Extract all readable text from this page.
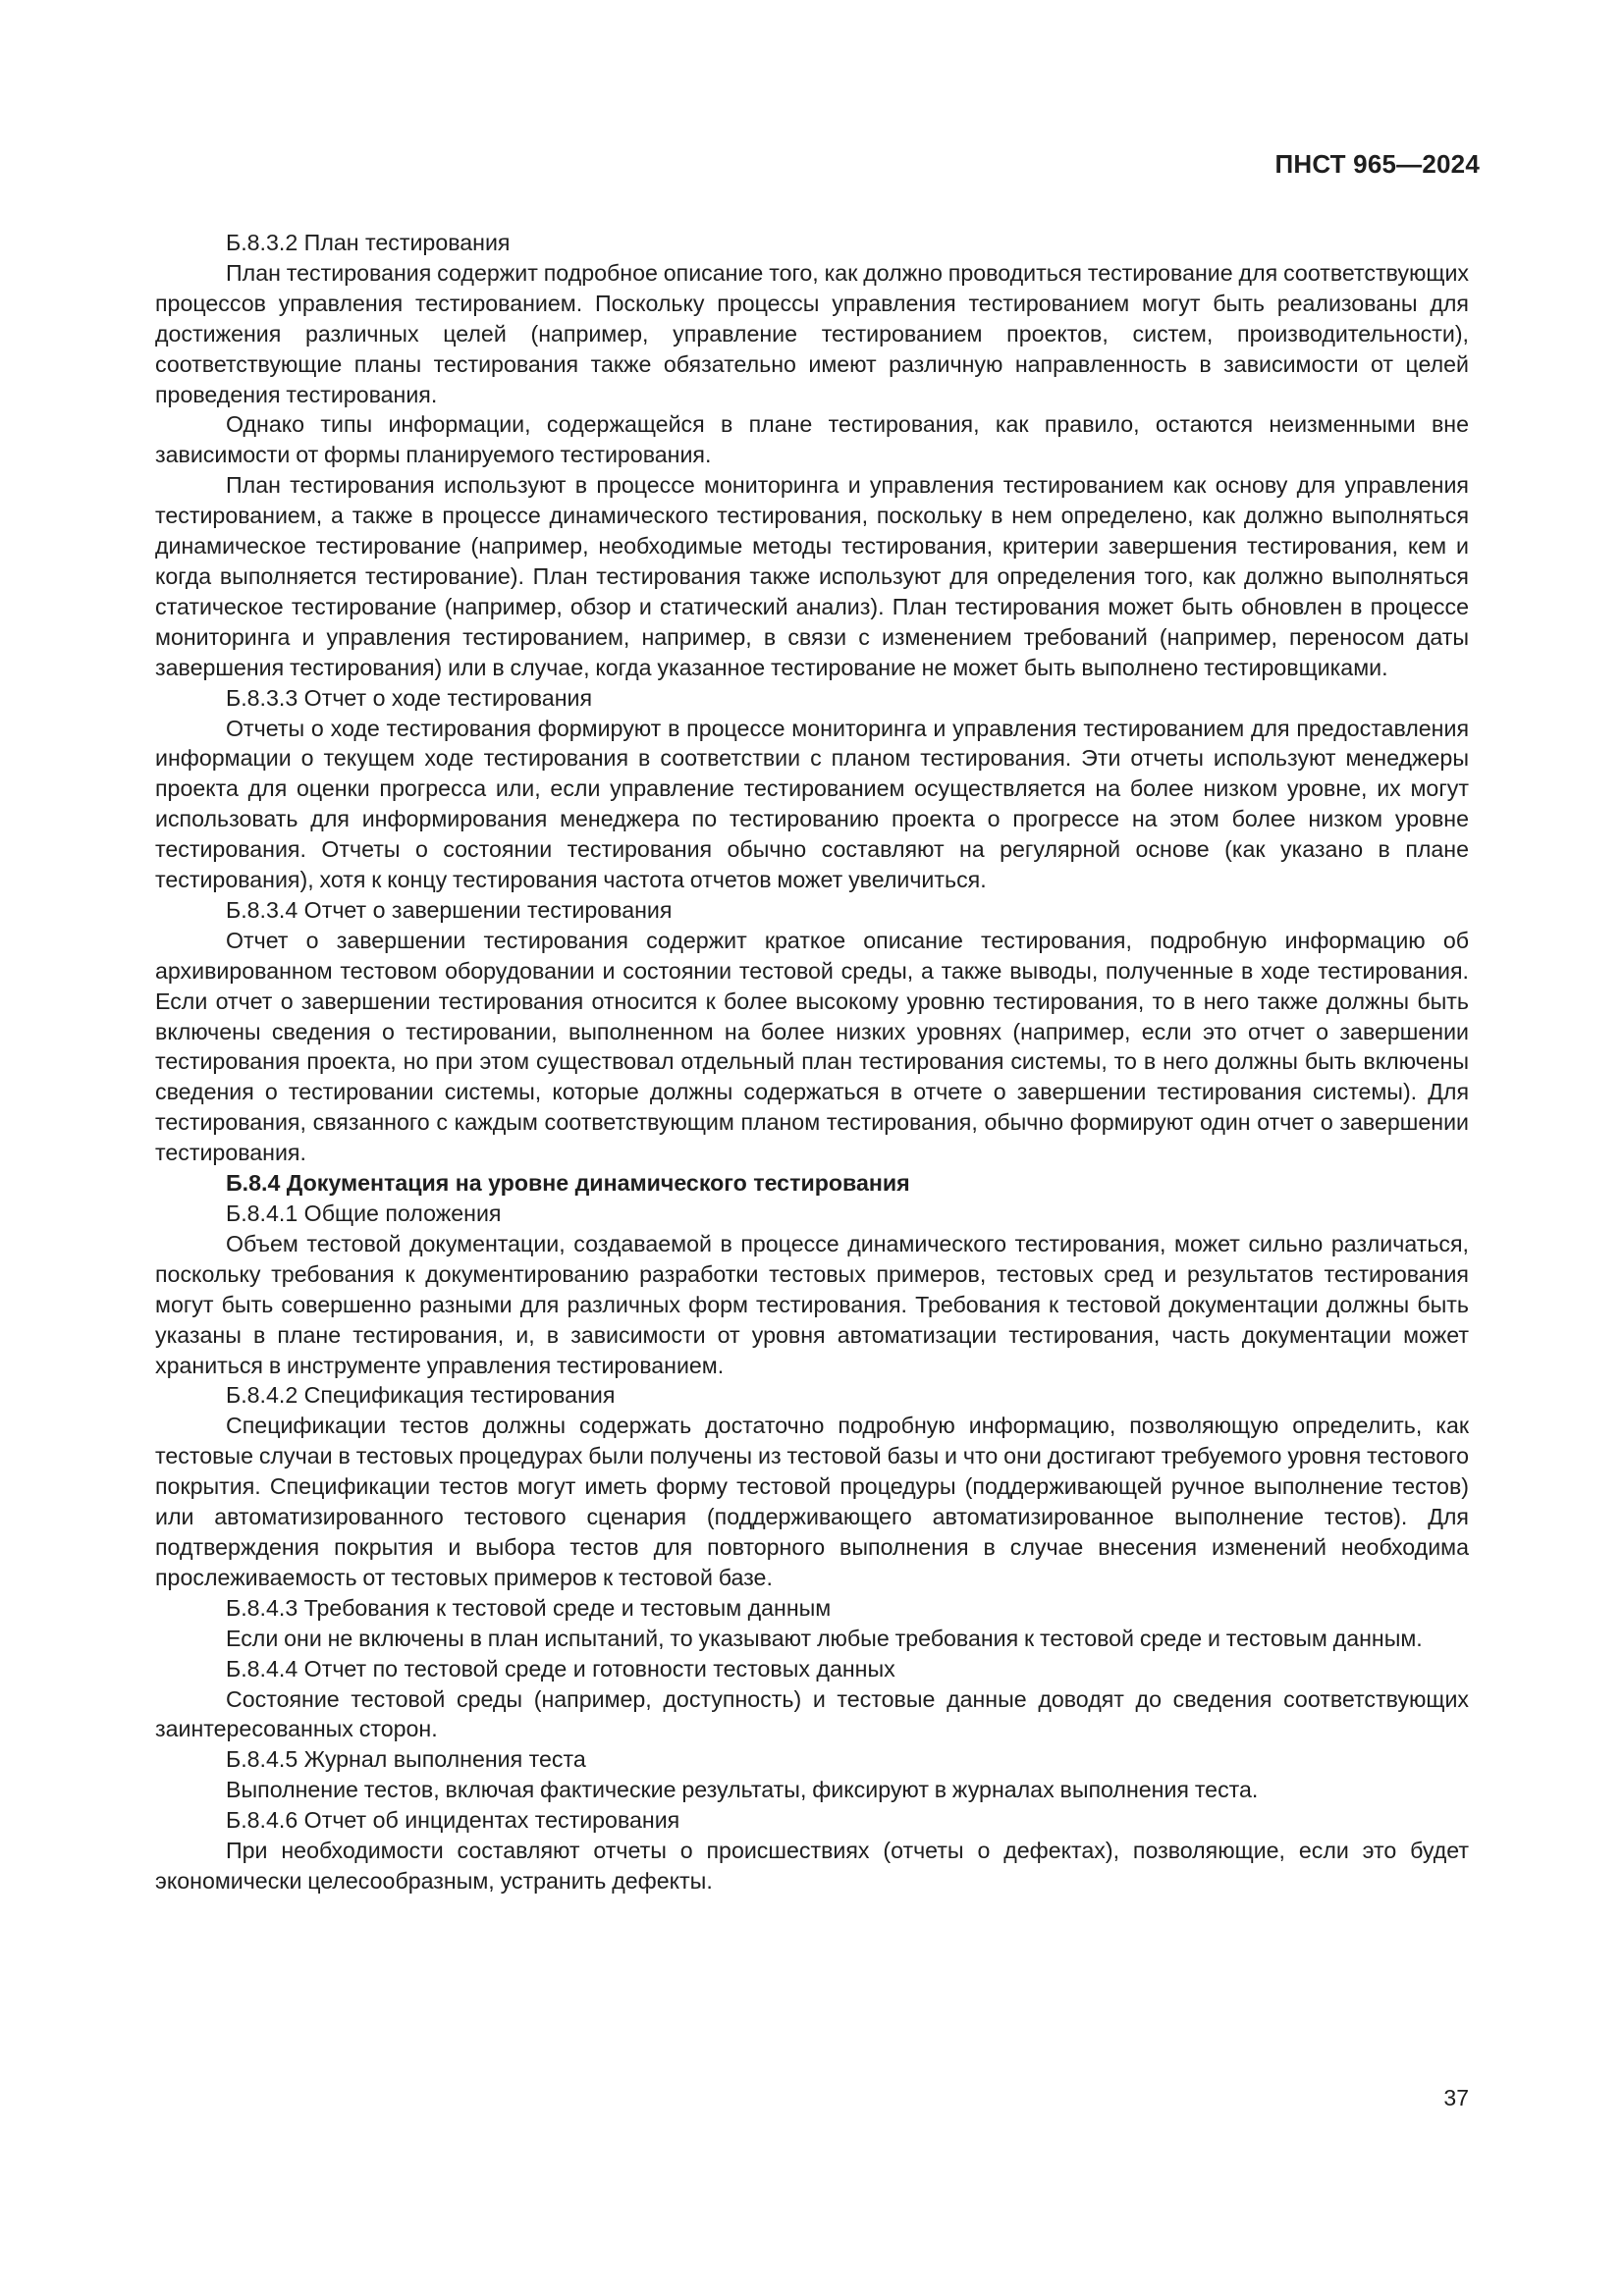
ПНСТ 965—2024

Б.8.3.2 План тестирования

План тестирования содержит подробное описание того, как должно проводиться тестирование для соответствующих процессов управления тестированием. Поскольку процессы управления тестированием могут быть реализованы для достижения различных целей (например, управление тестированием проектов, систем, производительности), соответствующие планы тестирования также обязательно имеют различную направленность в зависимости от целей проведения тестирования.

Однако типы информации, содержащейся в плане тестирования, как правило, остаются неизменными вне зависимости от формы планируемого тестирования.

План тестирования используют в процессе мониторинга и управления тестированием как основу для управления тестированием, а также в процессе динамического тестирования, поскольку в нем определено, как должно выполняться динамическое тестирование (например, необходимые методы тестирования, критерии завершения тестирования, кем и когда выполняется тестирование). План тестирования также используют для определения того, как должно выполняться статическое тестирование (например, обзор и статический анализ). План тестирования может быть обновлен в процессе мониторинга и управления тестированием, например, в связи с изменением требований (например, переносом даты завершения тестирования) или в случае, когда указанное тестирование не может быть выполнено тестировщиками.

Б.8.3.3 Отчет о ходе тестирования

Отчеты о ходе тестирования формируют в процессе мониторинга и управления тестированием для предоставления информации о текущем ходе тестирования в соответствии с планом тестирования. Эти отчеты используют менеджеры проекта для оценки прогресса или, если управление тестированием осуществляется на более низком уровне, их могут использовать для информирования менеджера по тестированию проекта о прогрессе на этом более низком уровне тестирования. Отчеты о состоянии тестирования обычно составляют на регулярной основе (как указано в плане тестирования), хотя к концу тестирования частота отчетов может увеличиться.

Б.8.3.4 Отчет о завершении тестирования

Отчет о завершении тестирования содержит краткое описание тестирования, подробную информацию об архивированном тестовом оборудовании и состоянии тестовой среды, а также выводы, полученные в ходе тестирования. Если отчет о завершении тестирования относится к более высокому уровню тестирования, то в него также должны быть включены сведения о тестировании, выполненном на более низких уровнях (например, если это отчет о завершении тестирования проекта, но при этом существовал отдельный план тестирования системы, то в него должны быть включены сведения о тестировании системы, которые должны содержаться в отчете о завершении тестирования системы). Для тестирования, связанного с каждым соответствующим планом тестирования, обычно формируют один отчет о завершении тестирования.

Б.8.4 Документация на уровне динамического тестирования

Б.8.4.1 Общие положения

Объем тестовой документации, создаваемой в процессе динамического тестирования, может сильно различаться, поскольку требования к документированию разработки тестовых примеров, тестовых сред и результатов тестирования могут быть совершенно разными для различных форм тестирования. Требования к тестовой документации должны быть указаны в плане тестирования, и, в зависимости от уровня автоматизации тестирования, часть документации может храниться в инструменте управления тестированием.

Б.8.4.2 Спецификация тестирования

Спецификации тестов должны содержать достаточно подробную информацию, позволяющую определить, как тестовые случаи в тестовых процедурах были получены из тестовой базы и что они достигают требуемого уровня тестового покрытия. Спецификации тестов могут иметь форму тестовой процедуры (поддерживающей ручное выполнение тестов) или автоматизированного тестового сценария (поддерживающего автоматизированное выполнение тестов). Для подтверждения покрытия и выбора тестов для повторного выполнения в случае внесения изменений необходима прослеживаемость от тестовых примеров к тестовой базе.

Б.8.4.3 Требования к тестовой среде и тестовым данным

Если они не включены в план испытаний, то указывают любые требования к тестовой среде и тестовым данным.

Б.8.4.4 Отчет по тестовой среде и готовности тестовых данных

Состояние тестовой среды (например, доступность) и тестовые данные доводят до сведения соответствующих заинтересованных сторон.

Б.8.4.5 Журнал выполнения теста

Выполнение тестов, включая фактические результаты, фиксируют в журналах выполнения теста.

Б.8.4.6 Отчет об инцидентах тестирования

При необходимости составляют отчеты о происшествиях (отчеты о дефектах), позволяющие, если это будет экономически целесообразным, устранить дефекты.

37
